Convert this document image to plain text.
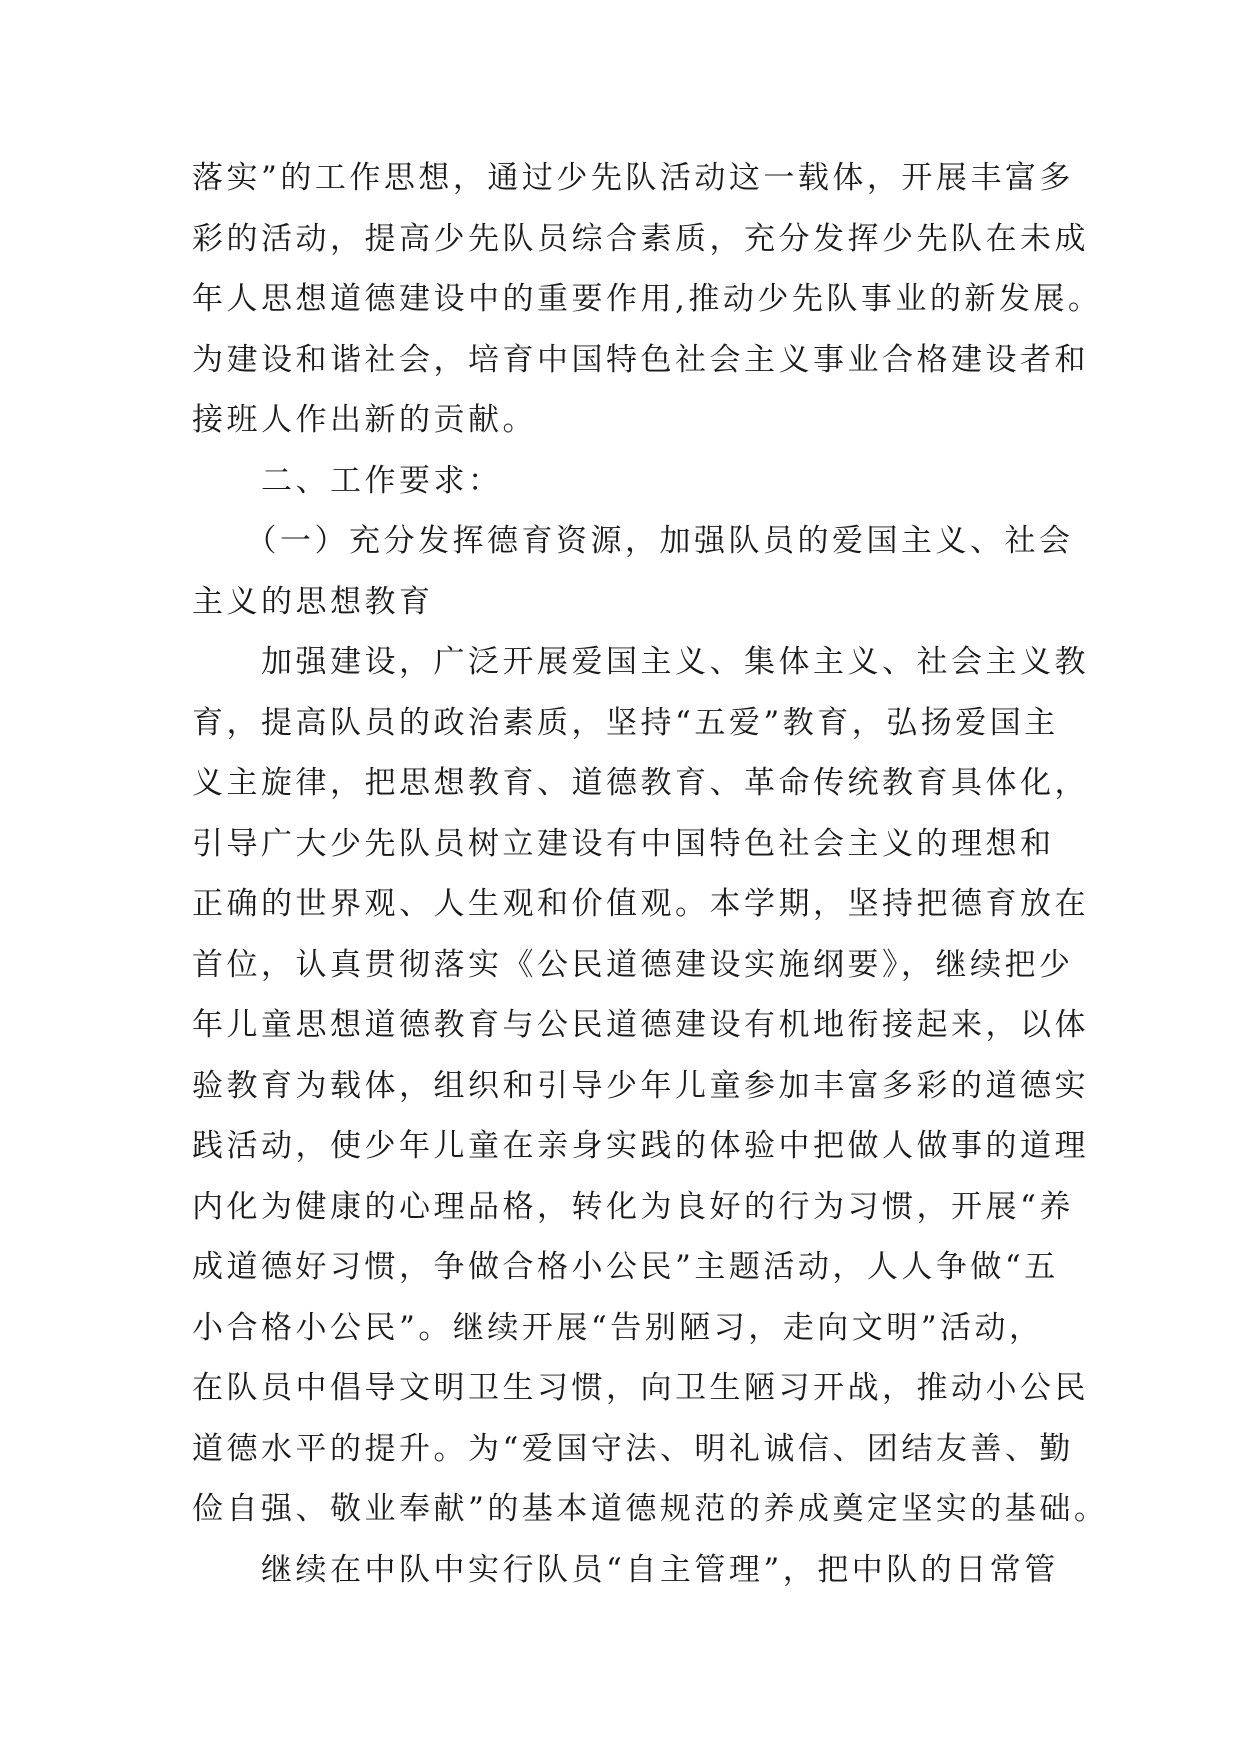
落实”的工作思想，通过少先队活动这一载体，开展丰富多
彩的活动，提高少先队员综合素质，充分发挥少先队在未成
年人思想道德建设中的重要作用,推动少先队事业的新发展。
为建设和谐社会，培育中国特色社会主义事业合格建设者和
接班人作出新的贡献。
　　二、工作要求：
　　（一）充分发挥德育资源，加强队员的爱国主义、社会
主义的思想教育
　　加强建设，广泛开展爱国主义、集体主义、社会主义教
育，提高队员的政治素质，坚持“五爱”教育，弘扬爱国主
义主旋律，把思想教育、道德教育、革命传统教育具体化，
引导广大少先队员树立建设有中国特色社会主义的理想和
正确的世界观、人生观和价值观。本学期，坚持把德育放在
首位，认真贯彻落实《公民道德建设实施纲要》，继续把少
年儿童思想道德教育与公民道德建设有机地衔接起来，以体
验教育为载体，组织和引导少年儿童参加丰富多彩的道德实
践活动，使少年儿童在亲身实践的体验中把做人做事的道理
内化为健康的心理品格，转化为良好的行为习惯，开展“养
成道德好习惯，争做合格小公民”主题活动，人人争做“五
小合格小公民”。继续开展“告别陋习，走向文明”活动，
在队员中倡导文明卫生习惯，向卫生陋习开战，推动小公民
道德水平的提升。为“爱国守法、明礼诚信、团结友善、勤
俭自强、敬业奉献”的基本道德规范的养成奠定坚实的基础。
　　继续在中队中实行队员“自主管理”，把中队的日常管
